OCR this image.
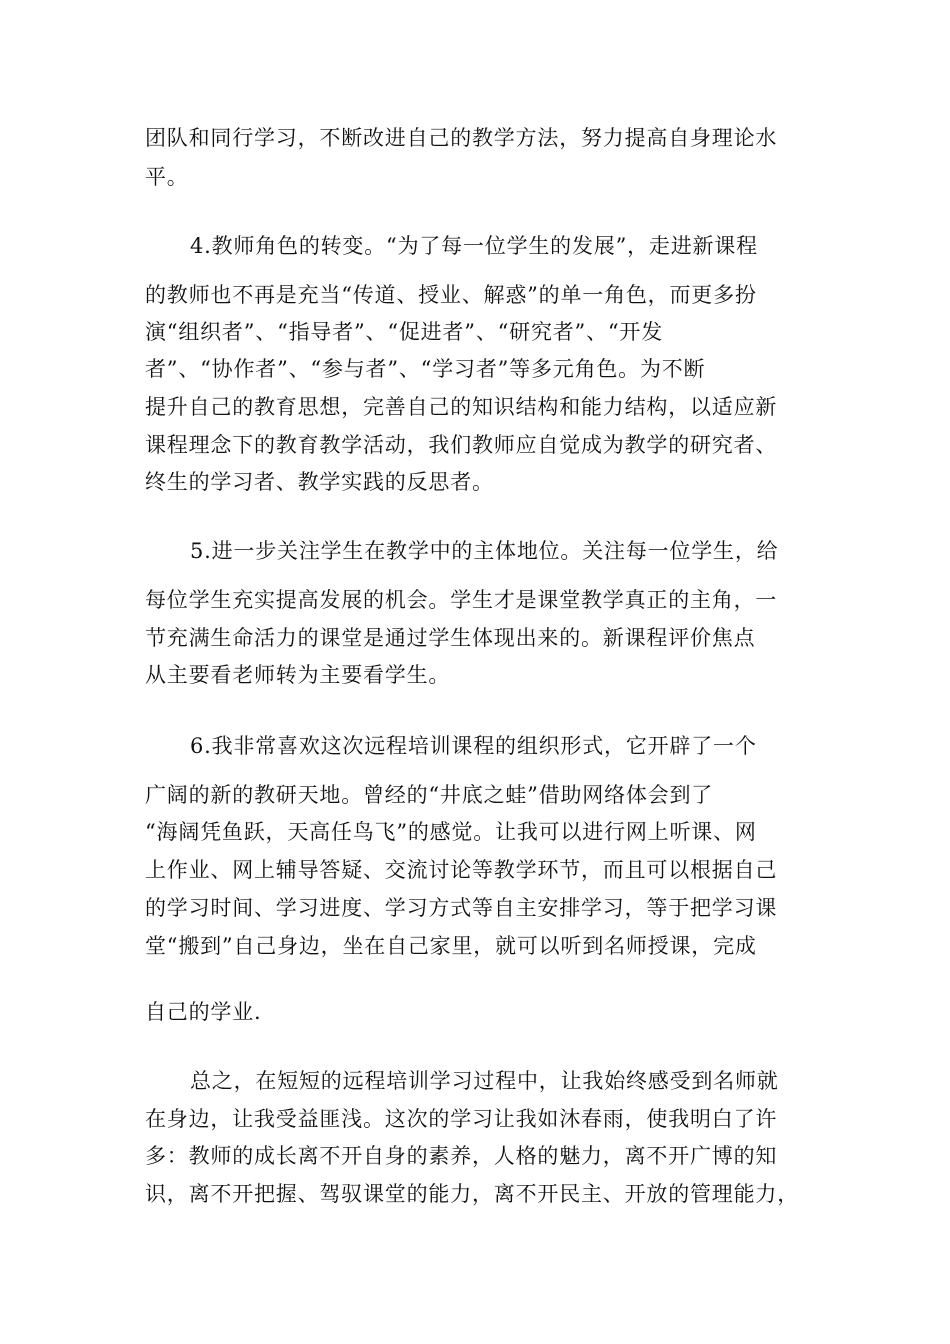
团队和同行学习，不断改进自己的教学方法，努力提高自身理论水

平。

4.教师角色的转变。“为了每一位学生的发展”，走进新课程

的教师也不再是充当“传道、授业、解惑”的单一角色，而更多扮

演“组织者”、“指导者”、“促进者”、“研究者”、“开发

者”、“协作者”、“参与者”、“学习者”等多元角色。为不断

提升自己的教育思想，完善自己的知识结构和能力结构，以适应新

课程理念下的教育教学活动，我们教师应自觉成为教学的研究者、

终生的学习者、教学实践的反思者。

5.进一步关注学生在教学中的主体地位。关注每一位学生，给

每位学生充实提高发展的机会。学生才是课堂教学真正的主角，一

节充满生命活力的课堂是通过学生体现出来的。新课程评价焦点

从主要看老师转为主要看学生。

6.我非常喜欢这次远程培训课程的组织形式，它开辟了一个

广阔的新的教研天地。曾经的“井底之蛙”借助网络体会到了

“海阔凭鱼跃，天高任鸟飞”的感觉。让我可以进行网上听课、网

上作业、网上辅导答疑、交流讨论等教学环节，而且可以根据自己

的学习时间、学习进度、学习方式等自主安排学习，等于把学习课

堂“搬到”自己身边，坐在自己家里，就可以听到名师授课，完成

自己的学业.

总之，在短短的远程培训学习过程中，让我始终感受到名师就

在身边，让我受益匪浅。这次的学习让我如沐春雨，使我明白了许

多：教师的成长离不开自身的素养，人格的魅力，离不开广博的知

识，离不开把握、驾驭课堂的能力，离不开民主、开放的管理能力，
